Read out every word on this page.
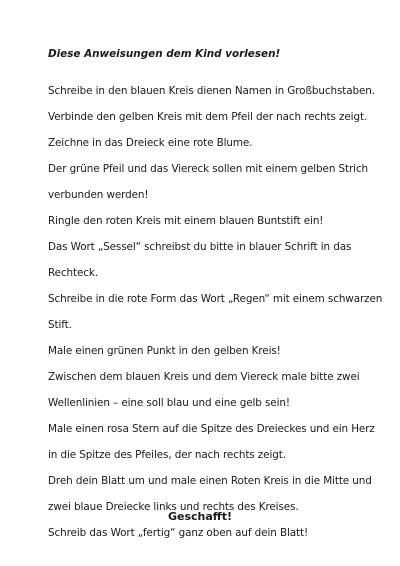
Diese Anweisungen dem Kind vorlesen!
Schreibe in den blauen Kreis dienen Namen in Großbuchstaben.
Verbinde den gelben Kreis mit dem Pfeil der nach rechts zeigt.
Zeichne in das Dreieck eine rote Blume.
Der grüne Pfeil und das Viereck sollen mit einem gelben Strich verbunden werden!
Ringle den roten Kreis mit einem blauen Buntstift ein!
Das Wort „Sessel“ schreibst du bitte in blauer Schrift in das Rechteck.
Schreibe in die rote Form das Wort „Regen“ mit einem schwarzen Stift.
Male einen grünen Punkt in den gelben Kreis!
Zwischen dem blauen Kreis und dem Viereck male bitte zwei Wellenlinien – eine soll blau und eine gelb sein!
Male einen rosa Stern auf die Spitze des Dreieckes und ein Herz in die Spitze des Pfeiles, der nach rechts zeigt.
Dreh dein Blatt um und male einen Roten Kreis in die Mitte und zwei blaue Dreiecke links und rechts des Kreises.
Schreib das Wort „fertig“ ganz oben auf dein Blatt!

Geschafft!
